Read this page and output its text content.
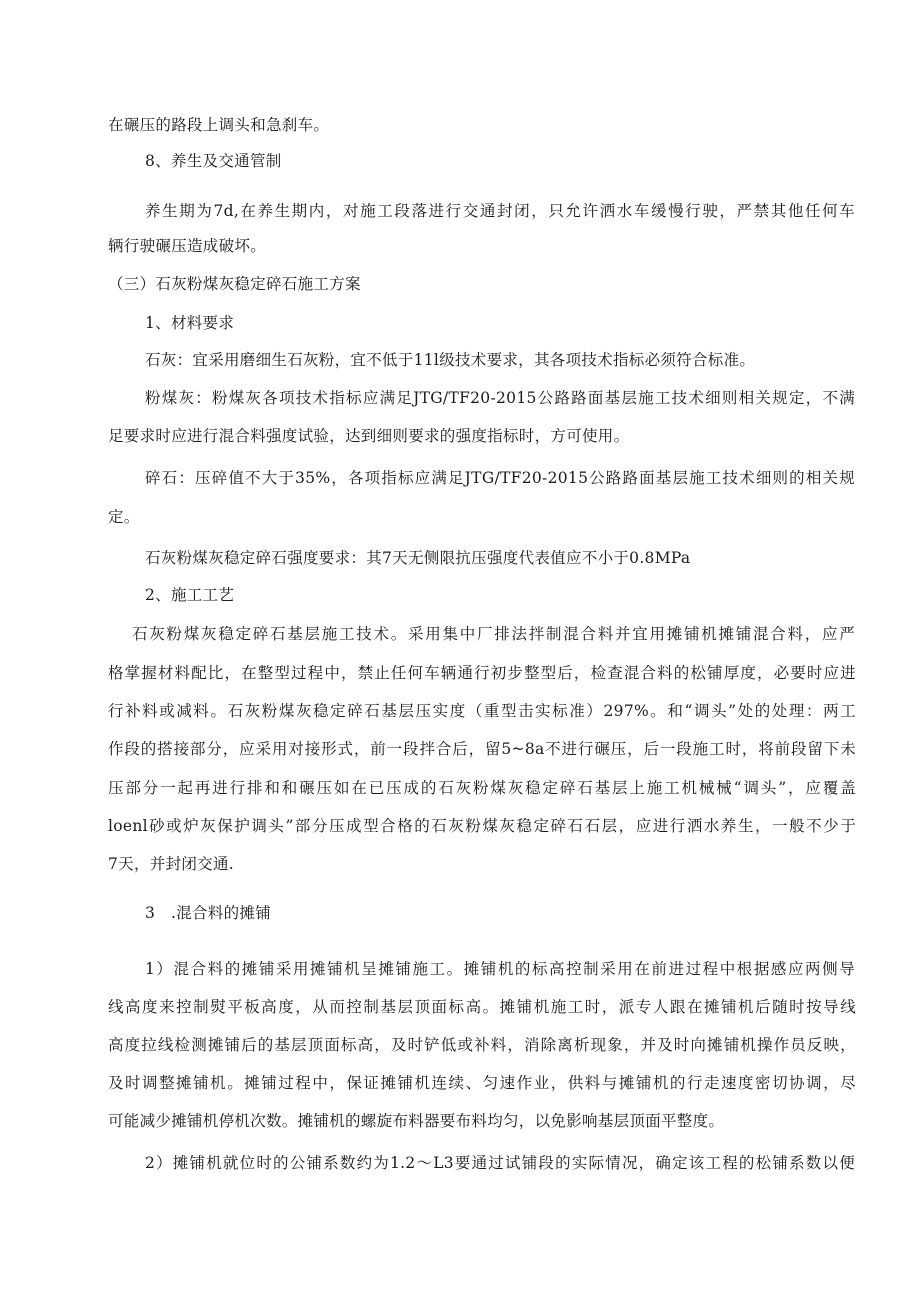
在碾压的路段上调头和急刹车。
8、养生及交通管制
养生期为7d,在养生期内，对施工段落进行交通封闭，只允许洒水车缓慢行驶，严禁其他任何车
辆行驶碾压造成破坏。
（三）石灰粉煤灰稳定碎石施工方案
1、材料要求
石灰：宜采用磨细生石灰粉，宜不低于11l级技术要求，其各项技术指标必须符合标准。
粉煤灰：粉煤灰各项技术指标应满足JTG/TF20-2015公路路面基层施工技术细则相关规定，不满
足要求时应进行混合料强度试验，达到细则要求的强度指标时，方可使用。
碎石：压碎值不大于35%，各项指标应满足JTG/TF20-2015公路路面基层施工技术细则的相关规
定。
石灰粉煤灰稳定碎石强度要求：其7天无侧限抗压强度代表值应不小于0.8MPa
2、施工工艺
石灰粉煤灰稳定碎石基层施工技术。采用集中厂排法拌制混合料并宜用摊铺机摊铺混合料，应严
格掌握材料配比，在整型过程中，禁止任何车辆通行初步整型后，检查混合料的松铺厚度，必要时应进
行补料或减料。石灰粉煤灰稳定碎石基层压实度（重型击实标准）297%。和“调头”处的处理：两工
作段的搭接部分，应采用对接形式，前一段拌合后，留5~8a不进行碾压，后一段施工时，将前段留下未
压部分一起再进行排和和碾压如在已压成的石灰粉煤灰稳定碎石基层上施工机械械“调头”，应覆盖
loenl砂或炉灰保护调头”部分压成型合格的石灰粉煤灰稳定碎石石层，应进行洒水养生，一般不少于
7天，并封闭交通.
3　.混合料的摊铺
1）混合料的摊铺采用摊铺机呈摊铺施工。摊铺机的标高控制采用在前进过程中根据感应两侧导
线高度来控制熨平板高度，从而控制基层顶面标高。摊铺机施工时，派专人跟在摊铺机后随时按导线
高度拉线检测摊铺后的基层顶面标高，及时铲低或补料，消除离析现象，并及时向摊铺机操作员反映，
及时调整摊铺机。摊铺过程中，保证摊铺机连续、匀速作业，供料与摊铺机的行走速度密切协调，尽
可能减少摊铺机停机次数。摊铺机的螺旋布料器要布料均匀，以免影响基层顶面平整度。
2）摊铺机就位时的公铺系数约为1.2～L3要通过试铺段的实际情况，确定该工程的松铺系数以便
